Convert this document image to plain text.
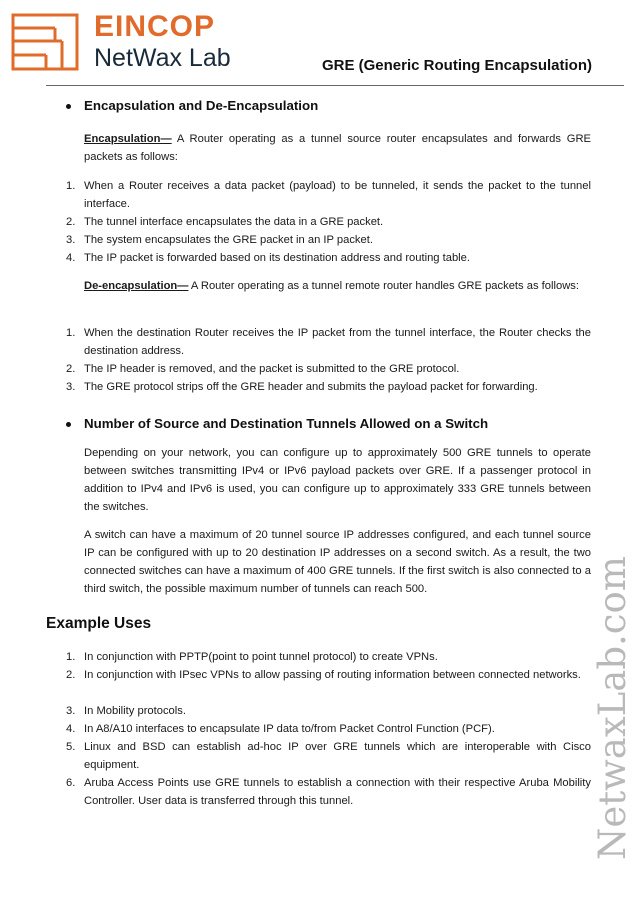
EINCOP
NetWax Lab	GRE (Generic Routing Encapsulation)
NetwaxLab.com
Encapsulation and De-Encapsulation
Encapsulation— A Router operating as a tunnel source router encapsulates and forwards GRE packets as follows:
1. When a Router receives a data packet (payload) to be tunneled, it sends the packet to the tunnel interface.
2. The tunnel interface encapsulates the data in a GRE packet.
3. The system encapsulates the GRE packet in an IP packet.
4. The IP packet is forwarded based on its destination address and routing table.
De-encapsulation— A Router operating as a tunnel remote router handles GRE packets as follows:
1. When the destination Router receives the IP packet from the tunnel interface, the Router checks the destination address.
2. The IP header is removed, and the packet is submitted to the GRE protocol.
3. The GRE protocol strips off the GRE header and submits the payload packet for forwarding.
Number of Source and Destination Tunnels Allowed on a Switch
Depending on your network, you can configure up to approximately 500 GRE tunnels to operate between switches transmitting IPv4 or IPv6 payload packets over GRE. If a passenger protocol in addition to IPv4 and IPv6 is used, you can configure up to approximately 333 GRE tunnels between the switches.
A switch can have a maximum of 20 tunnel source IP addresses configured, and each tunnel source IP can be configured with up to 20 destination IP addresses on a second switch. As a result, the two connected switches can have a maximum of 400 GRE tunnels. If the first switch is also connected to a third switch, the possible maximum number of tunnels can reach 500.
Example Uses
1. In conjunction with PPTP(point to point tunnel protocol) to create VPNs.
2. In conjunction with IPsec VPNs to allow passing of routing information between connected networks.
3. In Mobility protocols.
4. In A8/A10 interfaces to encapsulate IP data to/from Packet Control Function (PCF).
5. Linux and BSD can establish ad-hoc IP over GRE tunnels which are interoperable with Cisco equipment.
6. Aruba Access Points use GRE tunnels to establish a connection with their respective Aruba Mobility Controller. User data is transferred through this tunnel.
